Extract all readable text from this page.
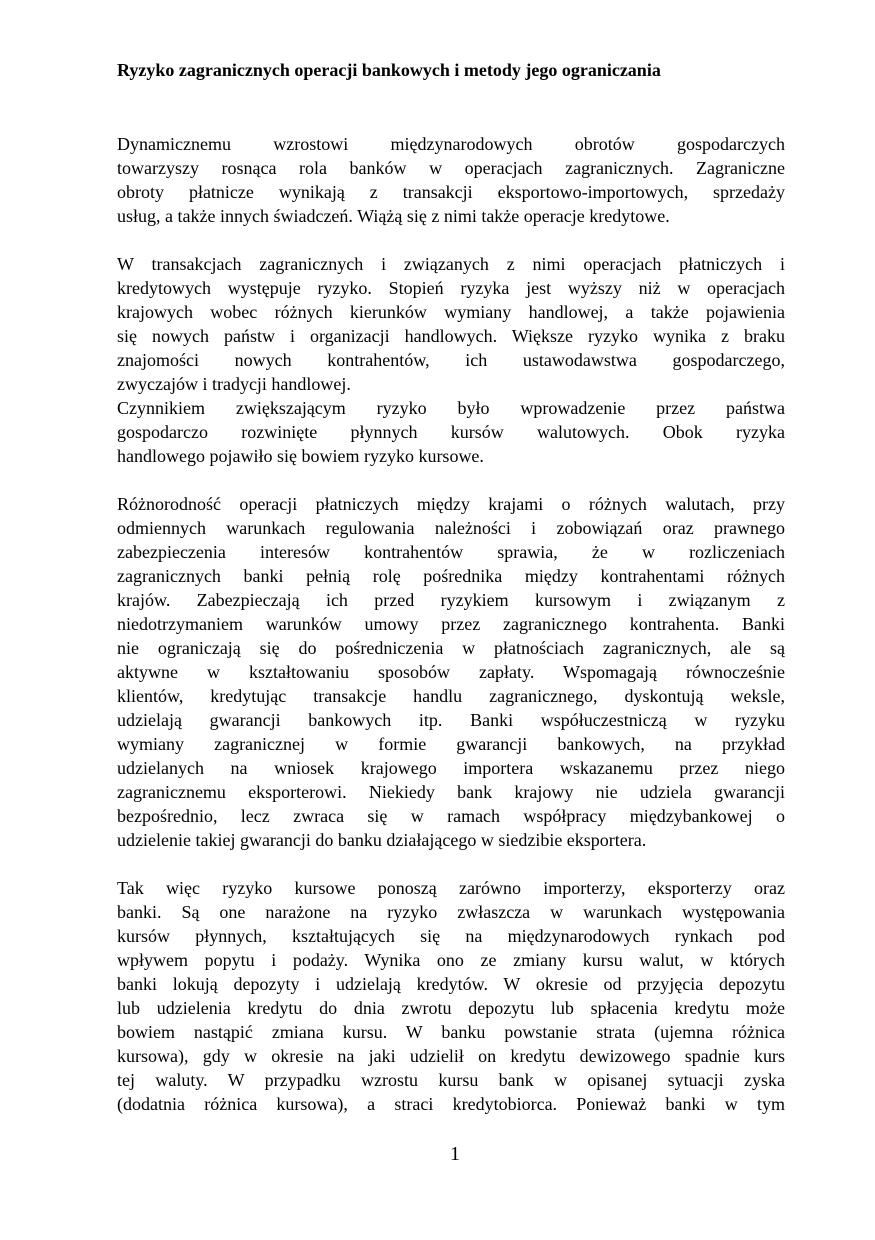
Ryzyko zagranicznych operacji bankowych i metody jego ograniczania
Dynamicznemu wzrostowi międzynarodowych obrotów gospodarczych
towarzyszy rosnąca rola banków w operacjach zagranicznych. Zagraniczne
obroty płatnicze wynikają z transakcji eksportowo-importowych, sprzedaży
usług, a także innych świadczeń. Wiążą się z nimi także operacje kredytowe.
W transakcjach zagranicznych i związanych z nimi operacjach płatniczych i
kredytowych występuje ryzyko. Stopień ryzyka jest wyższy niż w operacjach
krajowych wobec różnych kierunków wymiany handlowej, a także pojawienia
się nowych państw i organizacji handlowych. Większe ryzyko wynika z braku
znajomości nowych kontrahentów, ich ustawodawstwa gospodarczego,
zwyczajów i tradycji handlowej.
Czynnikiem zwiększającym ryzyko było wprowadzenie przez państwa
gospodarczo rozwinięte płynnych kursów walutowych. Obok ryzyka
handlowego pojawiło się bowiem ryzyko kursowe.
Różnorodność operacji płatniczych między krajami o różnych walutach, przy
odmiennych warunkach regulowania należności i zobowiązań oraz prawnego
zabezpieczenia interesów kontrahentów sprawia, że w rozliczeniach
zagranicznych banki pełnią rolę pośrednika między kontrahentami różnych
krajów. Zabezpieczają ich przed ryzykiem kursowym i związanym z
niedotrzymaniem warunków umowy przez zagranicznego kontrahenta. Banki
nie ograniczają się do pośredniczenia w płatnościach zagranicznych, ale są
aktywne w kształtowaniu sposobów zapłaty. Wspomagają równocześnie
klientów, kredytując transakcje handlu zagranicznego, dyskontują weksle,
udzielają gwarancji bankowych itp. Banki współuczestniczą w ryzyku
wymiany zagranicznej w formie gwarancji bankowych, na przykład
udzielanych na wniosek krajowego importera wskazanemu przez niego
zagranicznemu eksporterowi. Niekiedy bank krajowy nie udziela gwarancji
bezpośrednio, lecz zwraca się w ramach współpracy międzybankowej o
udzielenie takiej gwarancji do banku działającego w siedzibie eksportera.
Tak więc ryzyko kursowe ponoszą zarówno importerzy, eksporterzy oraz
banki. Są one narażone na ryzyko zwłaszcza w warunkach występowania
kursów płynnych, kształtujących się na międzynarodowych rynkach pod
wpływem popytu i podaży. Wynika ono ze zmiany kursu walut, w których
banki lokują depozyty i udzielają kredytów. W okresie od przyjęcia depozytu
lub udzielenia kredytu do dnia zwrotu depozytu lub spłacenia kredytu może
bowiem nastąpić zmiana kursu. W banku powstanie strata (ujemna różnica
kursowa), gdy w okresie na jaki udzielił on kredytu dewizowego spadnie kurs
tej waluty. W przypadku wzrostu kursu bank w opisanej sytuacji zyska
(dodatnia różnica kursowa), a straci kredytobiorca. Ponieważ banki w tym
1
